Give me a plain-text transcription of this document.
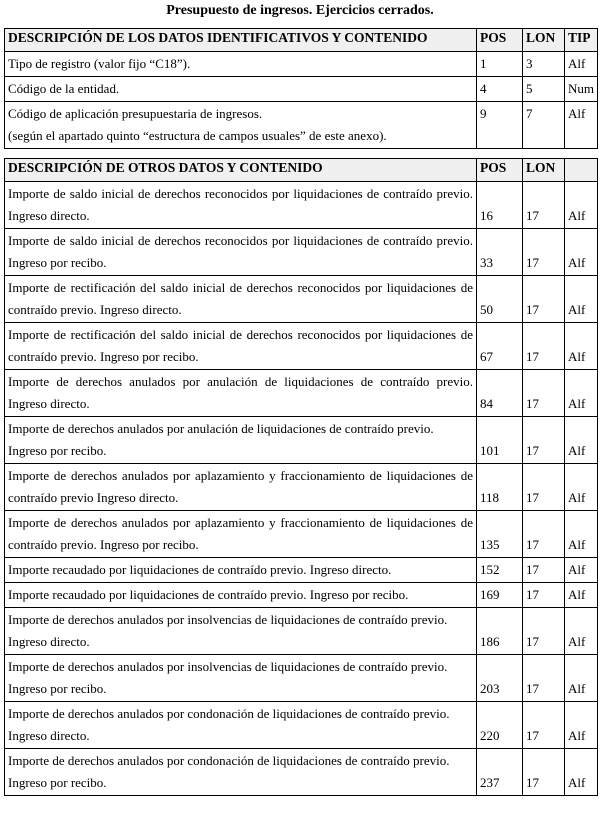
Presupuesto de ingresos. Ejercicios cerrados.
DESCRIPCIÓN DE LOS DATOS IDENTIFICATIVOS Y CONTENIDO	POS	LON	TIP

Tipo de registro (valor fijo “C18”).	1	3	Alf

Código de la entidad.	4	5	Num

Código de aplicación presupuestaria de ingresos.
(según el apartado quinto “estructura de campos usuales” de este anexo).	9	7	Alf
DESCRIPCIÓN DE OTROS DATOS Y CONTENIDO	POS	LON	

Importe de saldo inicial de derechos reconocidos por liquidaciones de contraído previo. Ingreso directo.	16	17	Alf

Importe de saldo inicial de derechos reconocidos por liquidaciones de contraído previo. Ingreso por recibo.	33	17	Alf

Importe de rectificación del saldo inicial de derechos reconocidos por liquidaciones de contraído previo. Ingreso directo.	50	17	Alf

Importe de rectificación del saldo inicial de derechos reconocidos por liquidaciones de contraído previo. Ingreso por recibo.	67	17	Alf

Importe de derechos anulados por anulación de liquidaciones de contraído previo. Ingreso directo.	84	17	Alf

Importe de derechos anulados por anulación de liquidaciones de contraído previo.
Ingreso por recibo.	101	17	Alf

Importe de derechos anulados por aplazamiento y fraccionamiento de liquidaciones de contraído previo Ingreso directo.	118	17	Alf

Importe de derechos anulados por aplazamiento y fraccionamiento de liquidaciones de contraído previo. Ingreso por recibo.	135	17	Alf

Importe recaudado por liquidaciones de contraído previo. Ingreso directo.	152	17	Alf

Importe recaudado por liquidaciones de contraído previo. Ingreso por recibo.	169	17	Alf

Importe de derechos anulados por insolvencias de liquidaciones de contraído previo.
Ingreso directo.	186	17	Alf

Importe de derechos anulados por insolvencias de liquidaciones de contraído previo.
Ingreso por recibo.	203	17	Alf

Importe de derechos anulados por condonación de liquidaciones de contraído previo.
Ingreso directo.	220	17	Alf

Importe de derechos anulados por condonación de liquidaciones de contraído previo.
Ingreso por recibo.	237	17	Alf
